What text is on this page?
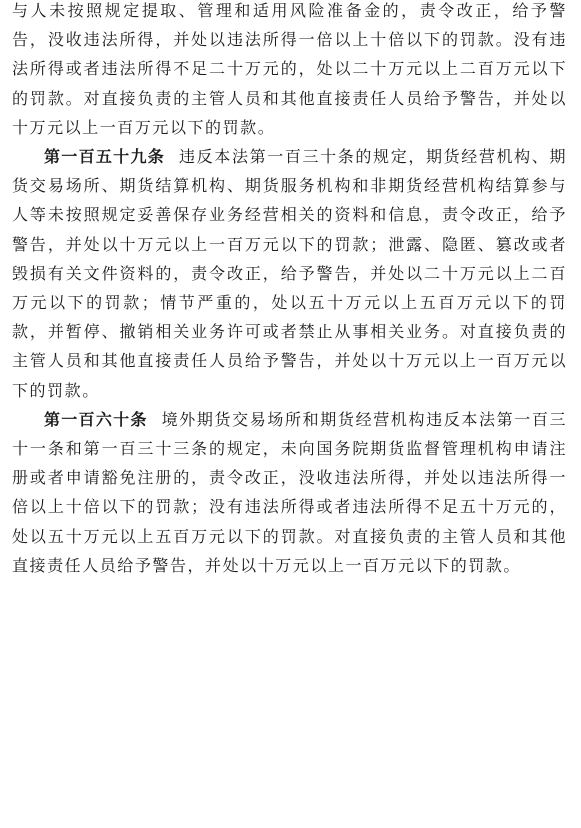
与人未按照规定提取、管理和适用风险准备金的，责令改正，给予警告，没收违法所得，并处以违法所得一倍以上十倍以下的罚款。没有违法所得或者违法所得不足二十万元的，处以二十万元以上二百万元以下的罚款。对直接负责的主管人员和其他直接责任人员给予警告，并处以十万元以上一百万元以下的罚款。

第一百五十九条 违反本法第一百三十条的规定，期货经营机构、期货交易场所、期货结算机构、期货服务机构和非期货经营机构结算参与人等未按照规定妥善保存业务经营相关的资料和信息，责令改正，给予警告，并处以十万元以上一百万元以下的罚款；泄露、隐匿、篡改或者毁损有关文件资料的，责令改正，给予警告，并处以二十万元以上二百万元以下的罚款；情节严重的，处以五十万元以上五百万元以下的罚款，并暂停、撤销相关业务许可或者禁止从事相关业务。对直接负责的主管人员和其他直接责任人员给予警告，并处以十万元以上一百万元以下的罚款。

第一百六十条 境外期货交易场所和期货经营机构违反本法第一百三十一条和第一百三十三条的规定，未向国务院期货监督管理机构申请注册或者申请豁免注册的，责令改正，没收违法所得，并处以违法所得一倍以上十倍以下的罚款；没有违法所得或者违法所得不足五十万元的，处以五十万元以上五百万元以下的罚款。对直接负责的主管人员和其他直接责任人员给予警告，并处以十万元以上一百万元以下的罚款。
